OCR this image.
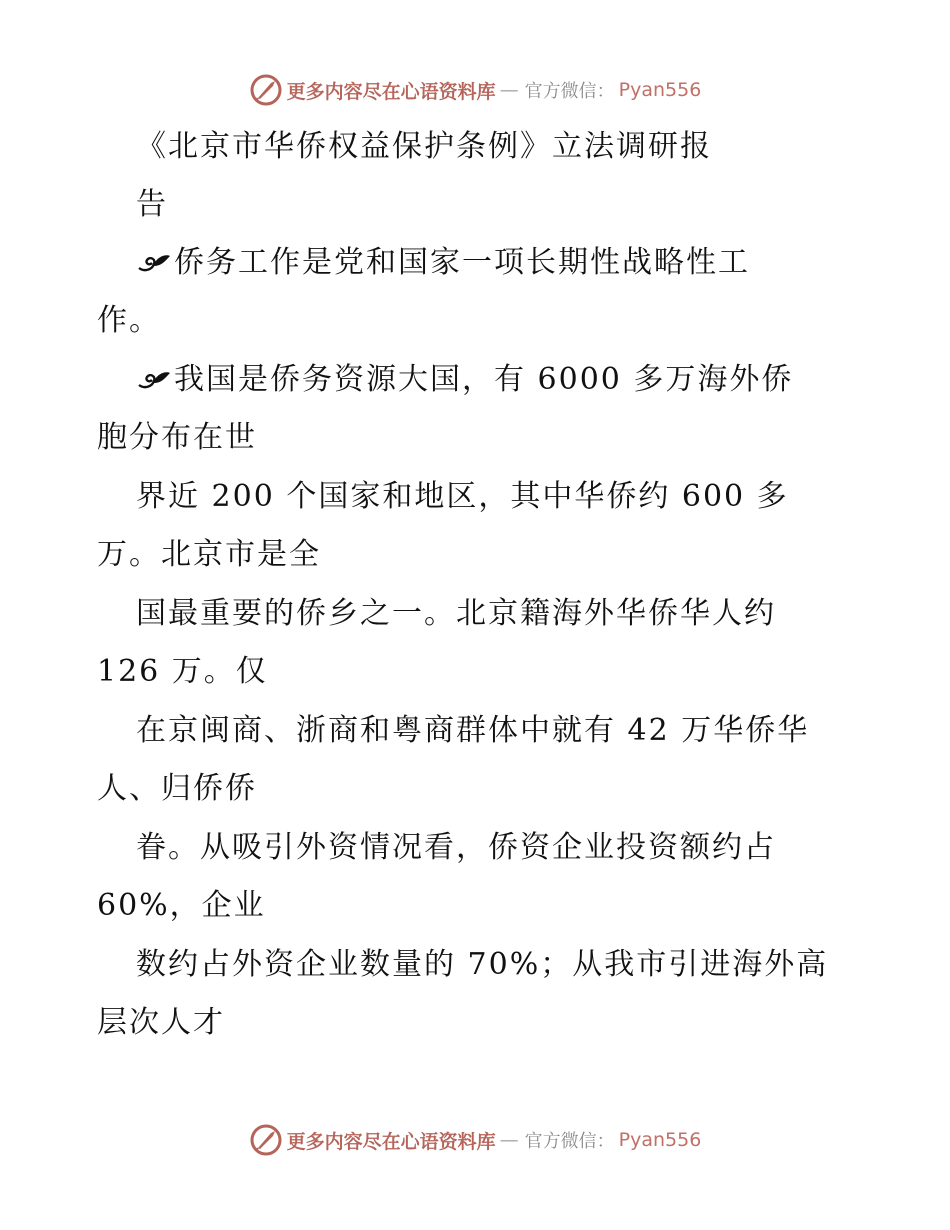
更多内容尽在心语资料库 — 官方微信： Pyan556
《北京市华侨权益保护条例》立法调研报
告
侨务工作是党和国家一项长期性战略性工
作。
我国是侨务资源大国，有 6000 多万海外侨
胞分布在世
界近 200 个国家和地区，其中华侨约 600 多
万。北京市是全
国最重要的侨乡之一。北京籍海外华侨华人约
126 万。仅
在京闽商、浙商和粤商群体中就有 42 万华侨华
人、归侨侨
眷。从吸引外资情况看，侨资企业投资额约占
60%，企业
数约占外资企业数量的 70%；从我市引进海外高
层次人才
更多内容尽在心语资料库 — 官方微信： Pyan556
